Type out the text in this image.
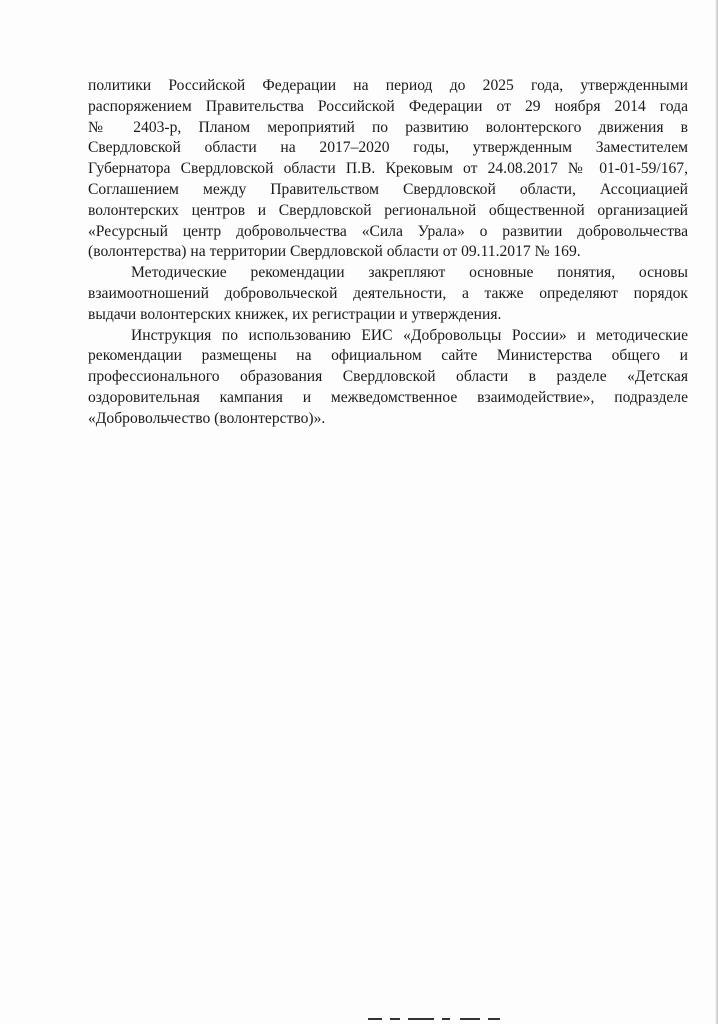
политики Российской Федерации на период до 2025 года, утвержденными
распоряжением Правительства Российской Федерации от 29 ноября 2014 года
№ 2403-р, Планом мероприятий по развитию волонтерского движения в
Свердловской области на 2017–2020 годы, утвержденным Заместителем
Губернатора Свердловской области П.В. Крековым от 24.08.2017 № 01-01-59/167,
Соглашением между Правительством Свердловской области, Ассоциацией
волонтерских центров и Свердловской региональной общественной организацией
«Ресурсный центр добровольчества «Сила Урала» о развитии добровольчества
(волонтерства) на территории Свердловской области от 09.11.2017 № 169.
Методические рекомендации закрепляют основные понятия, основы
взаимоотношений добровольческой деятельности, а также определяют порядок
выдачи волонтерских книжек, их регистрации и утверждения.
Инструкция по использованию ЕИС «Добровольцы России» и методические
рекомендации размещены на официальном сайте Министерства общего и
профессионального образования Свердловской области в разделе «Детская
оздоровительная кампания и межведомственное взаимодействие», подразделе
«Добровольчество (волонтерство)».
